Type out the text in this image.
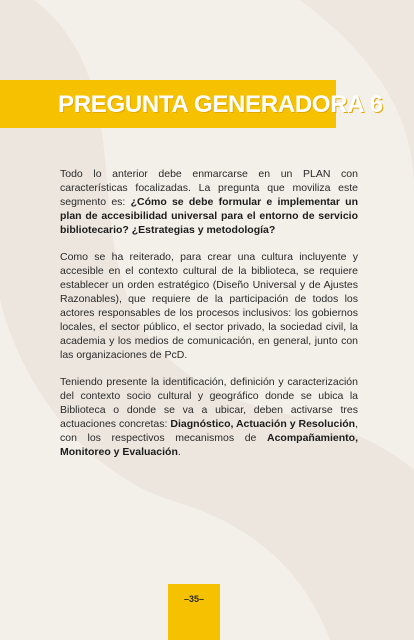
PREGUNTA GENERADORA 6

Todo lo anterior debe enmarcarse en un PLAN con características focalizadas. La pregunta que moviliza este segmento es: ¿Cómo se debe formular e implementar un plan de accesibilidad universal para el entorno de servicio bibliotecario? ¿Estrategias y metodología?

Como se ha reiterado, para crear una cultura incluyente y accesible en el contexto cultural de la biblioteca, se requiere establecer un orden estratégico (Diseño Universal y de Ajustes Razonables), que requiere de la participación de todos los actores responsables de los procesos inclusivos: los gobiernos locales, el sector público, el sector privado, la sociedad civil, la academia y los medios de comunicación, en general, junto con las organizaciones de PcD.

Teniendo presente la identificación, definición y caracterización del contexto socio cultural y geográfico donde se ubica la Biblioteca o donde se va a ubicar, deben activarse tres actuaciones concretas: Diagnóstico, Actuación y Resolución, con los respectivos mecanismos de Acompañamiento, Monitoreo y Evaluación.

–35–
